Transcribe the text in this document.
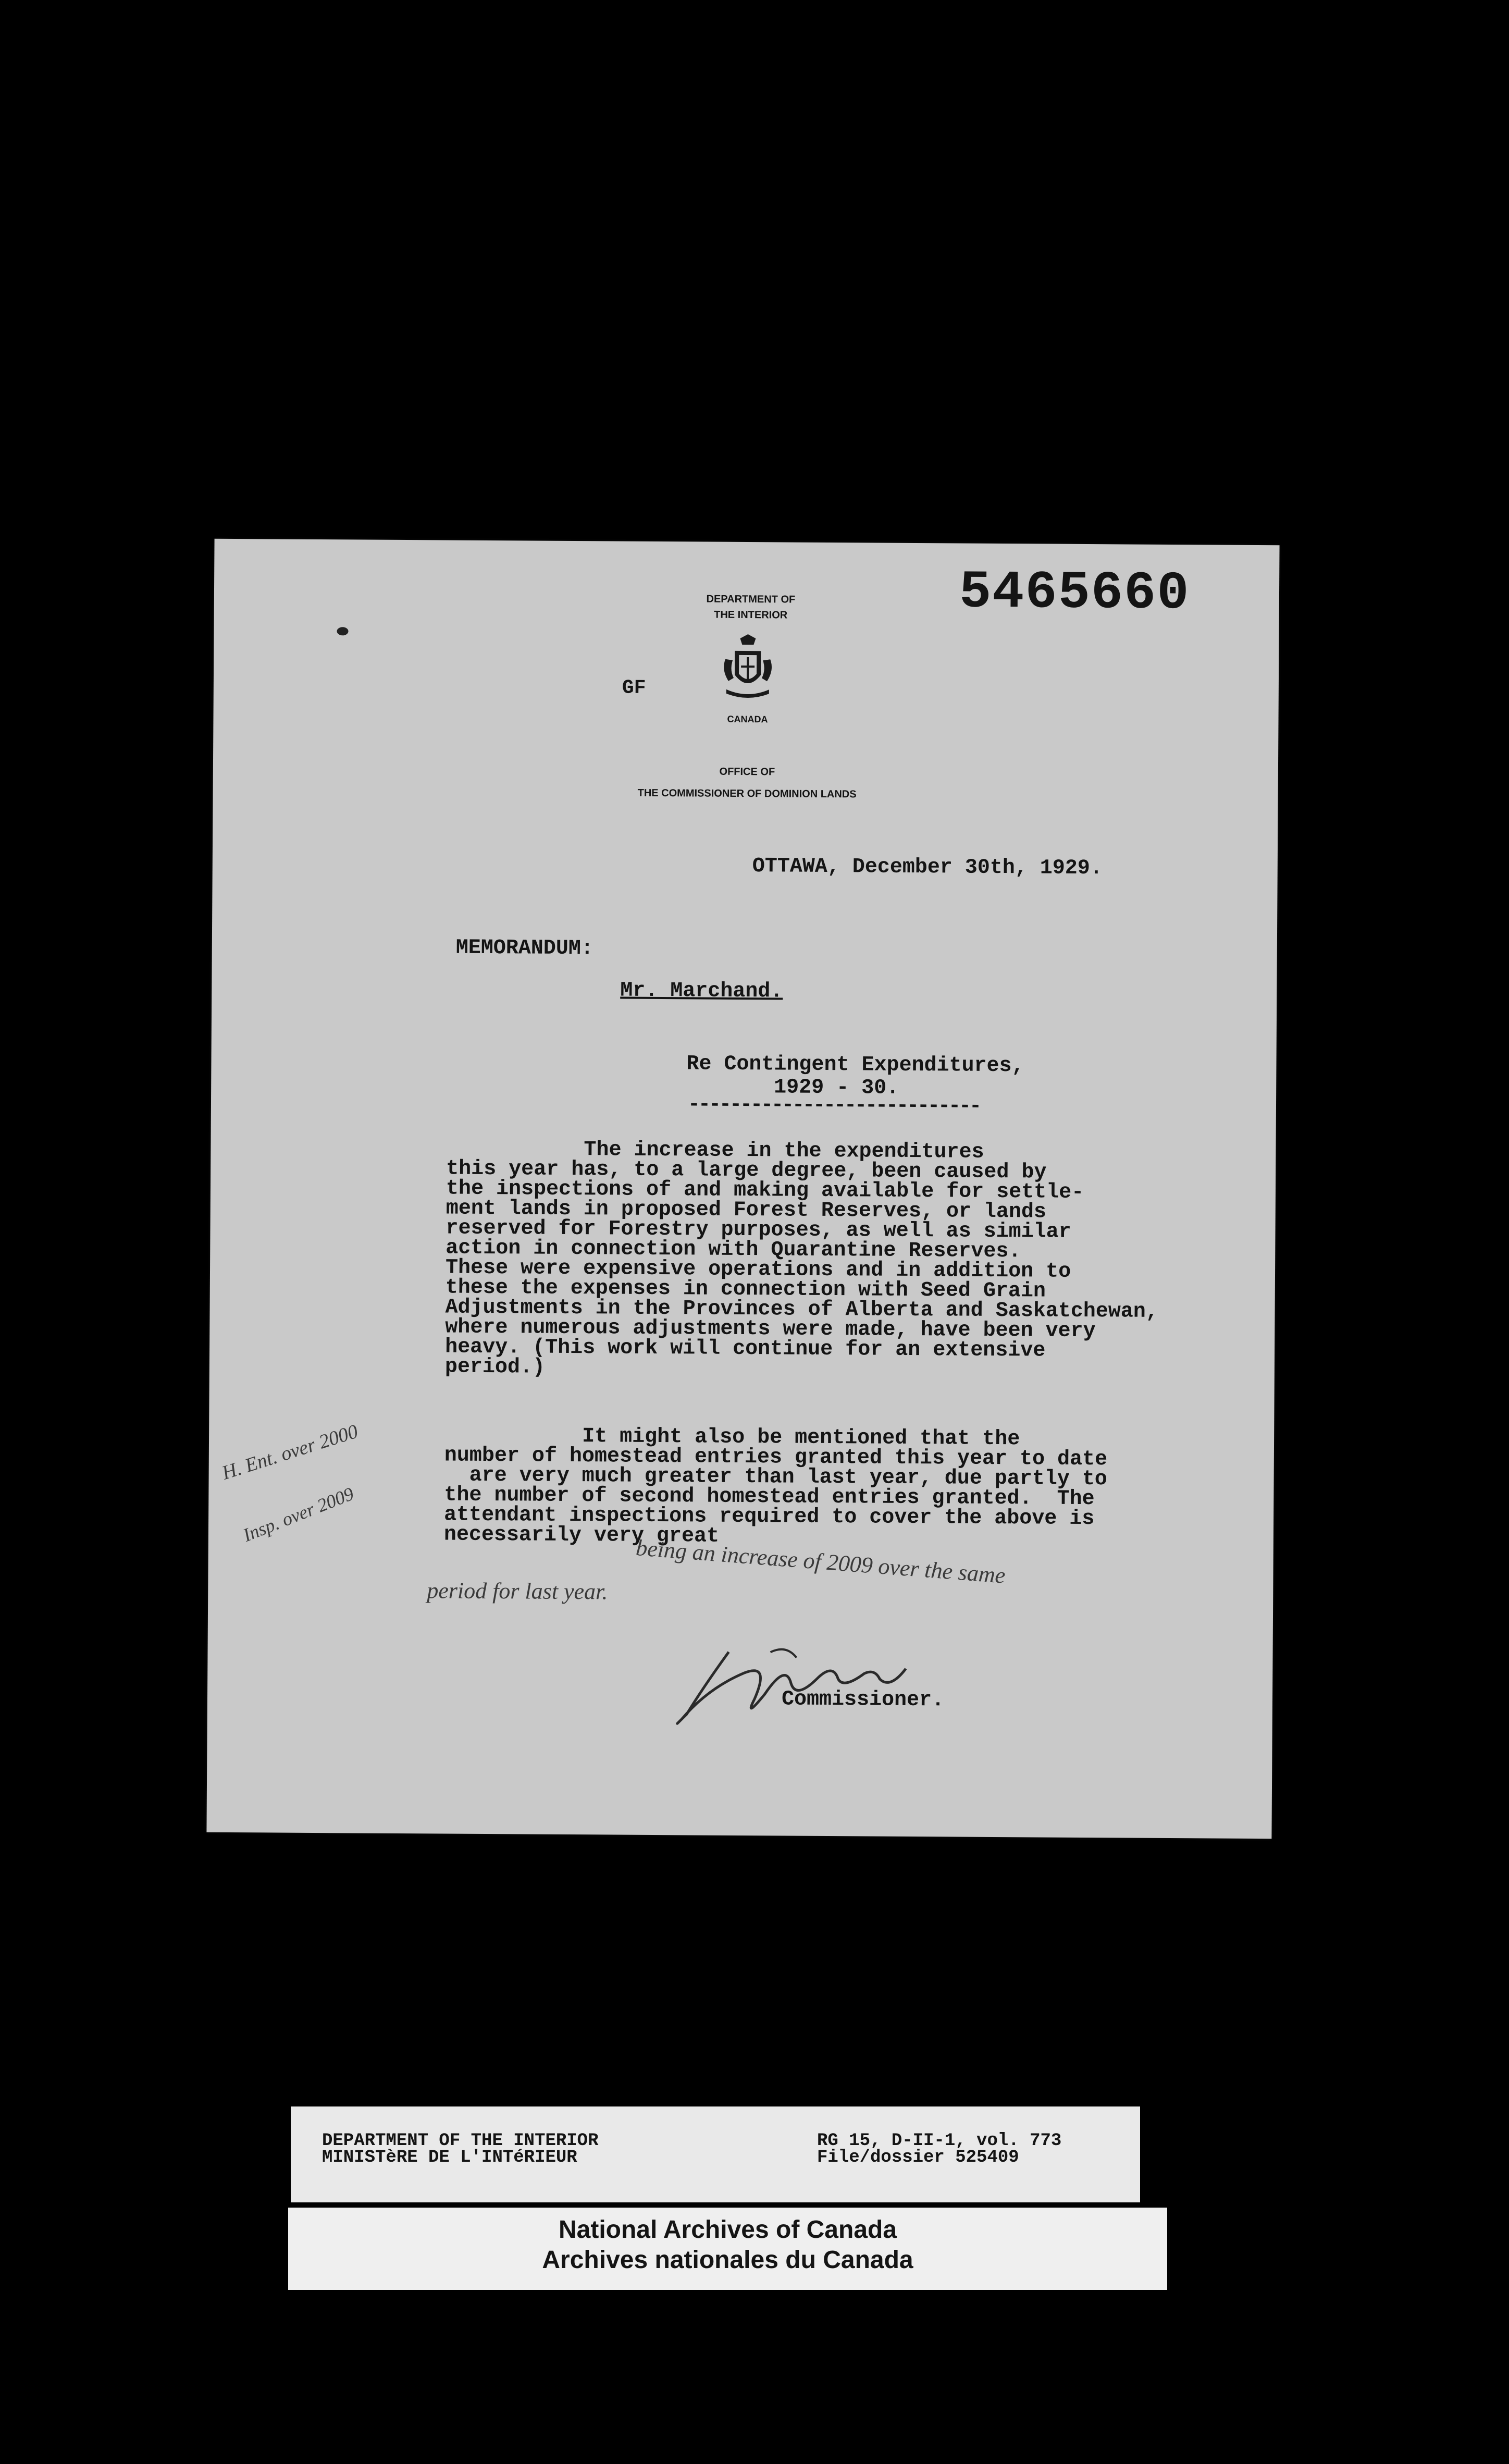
5465660
DEPARTMENT OF
THE INTERIOR
GF
CANADA
OFFICE OF
THE COMMISSIONER OF DOMINION LANDS
OTTAWA, December 30th, 1929.
MEMORANDUM:
Mr. Marchand.
Re Contingent Expenditures,
1929 - 30.
----------------------------
The increase in the expenditures
this year has, to a large degree, been caused by
the inspections of and making available for settle-
ment lands in proposed Forest Reserves, or lands
reserved for Forestry purposes, as well as similar
action in connection with Quarantine Reserves.
These were expensive operations and in addition to
these the expenses in connection with Seed Grain
Adjustments in the Provinces of Alberta and Saskatchewan,
where numerous adjustments were made, have been very
heavy. (This work will continue for an extensive
period.)
It might also be mentioned that the
number of homestead entries granted this year to date
are very much greater than last year, due partly to
the number of second homestead entries granted.  The
attendant inspections required to cover the above is
necessarily very great
being an increase of 2009 over the same
period for last year.
H. Ent. over 2000
Insp. over 2009
Commissioner.
DEPARTMENT OF THE INTERIOR
MINISTèRE DE L'INTéRIEUR
RG 15, D-II-1, vol. 773
File/dossier 525409
National Archives of Canada
Archives nationales du Canada
